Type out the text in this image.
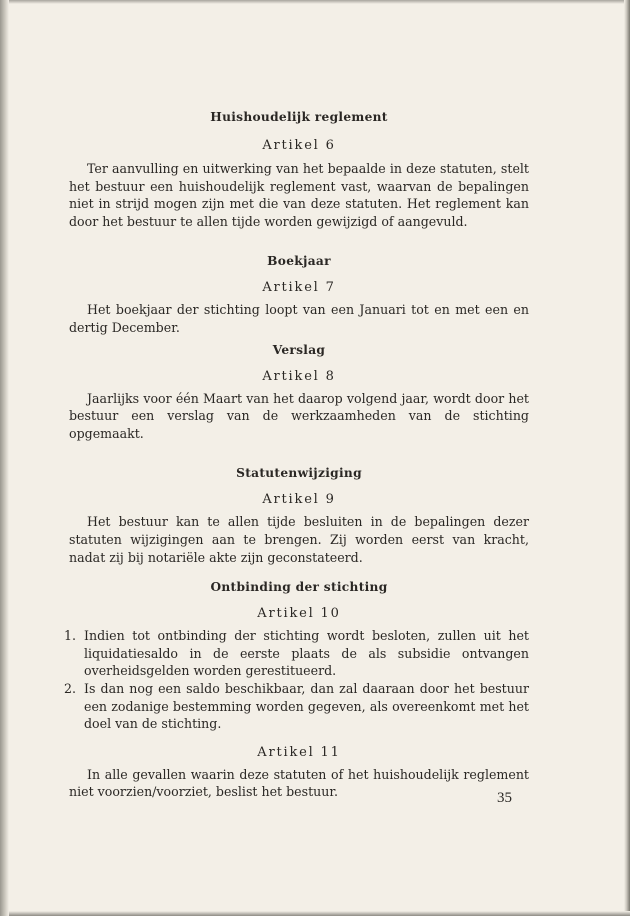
Huishoudelijk reglement

Artikel 6

Ter aanvulling en uitwerking van het bepaalde in deze statuten, stelt het bestuur een huishoudelijk reglement vast, waarvan de bepalingen niet in strijd mogen zijn met die van deze statuten. Het reglement kan door het bestuur te allen tijde worden gewijzigd of aangevuld.

Boekjaar

Artikel 7

Het boekjaar der stichting loopt van een Januari tot en met een en dertig December.

Verslag

Artikel 8

Jaarlijks voor één Maart van het daarop volgend jaar, wordt door het bestuur een verslag van de werkzaamheden van de stichting opgemaakt.

Statutenwijziging

Artikel 9

Het bestuur kan te allen tijde besluiten in de bepalingen dezer statuten wijzigingen aan te brengen. Zij worden eerst van kracht, nadat zij bij notariële akte zijn geconstateerd.

Ontbinding der stichting

Artikel 10

1. Indien tot ontbinding der stichting wordt besloten, zullen uit het liquidatiesaldo in de eerste plaats de als subsidie ontvangen overheidsgelden worden gerestitueerd.
2. Is dan nog een saldo beschikbaar, dan zal daaraan door het bestuur een zodanige bestemming worden gegeven, als overeenkomt met het doel van de stichting.

Artikel 11

In alle gevallen waarin deze statuten of het huishoudelijk reglement niet voorzien/voorziet, beslist het bestuur.	35
